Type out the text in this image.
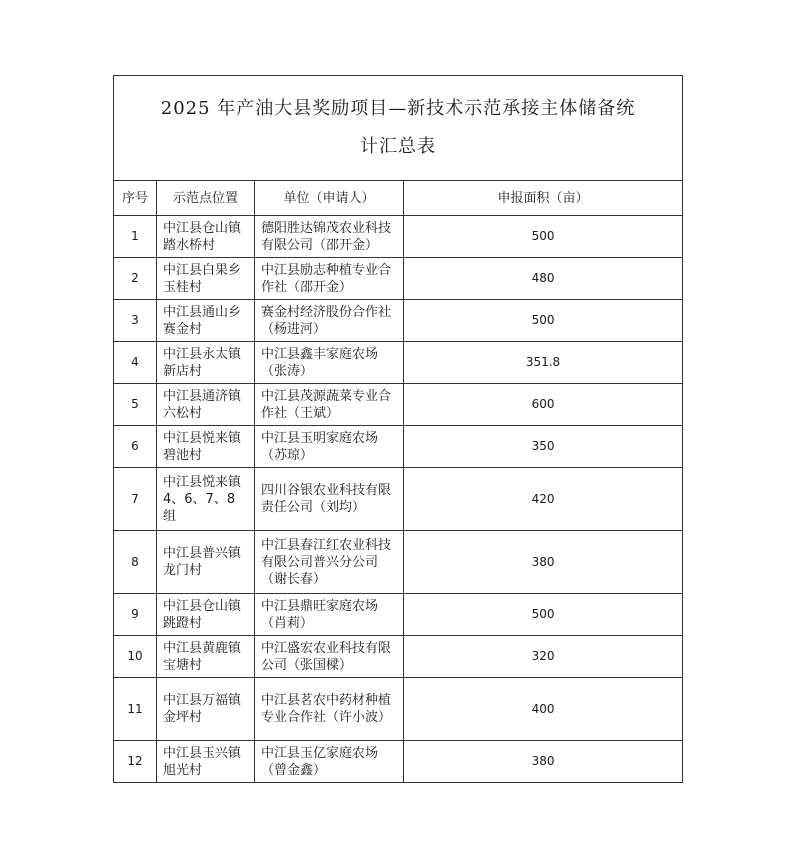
2025 年产油大县奖励项目—新技术示范承接主体储备统计汇总表			
序号	示范点位置	单位（申请人）	申报面积（亩）
1	中江县仓山镇踏水桥村	德阳胜达锦茂农业科技有限公司（邵开金）	500
2	中江县白果乡玉桂村	中江县励志种植专业合作社（邵开金）	480
3	中江县通山乡赛金村	赛金村经济股份合作社（杨进河）	500
4	中江县永太镇新店村	中江县鑫丰家庭农场（张涛）	351.8
5	中江县通济镇六松村	中江县茂源蔬菜专业合作社（王斌）	600
6	中江县悦来镇碧池村	中江县玉明家庭农场（苏琼）	350
7	中江县悦来镇 4、6、7、8 组	四川谷银农业科技有限责任公司（刘均）	420
8	中江县普兴镇龙门村	中江县春江红农业科技有限公司普兴分公司（谢长春）	380
9	中江县仓山镇跳蹬村	中江县鼎旺家庭农场（肖莉）	500
10	中江县黄鹿镇宝塘村	中江盛宏农业科技有限公司（张国樑）	320
11	中江县万福镇金坪村	中江县茗农中药材种植专业合作社（许小波）	400
12	中江县玉兴镇旭光村	中江县玉亿家庭农场（曾金鑫）	380
